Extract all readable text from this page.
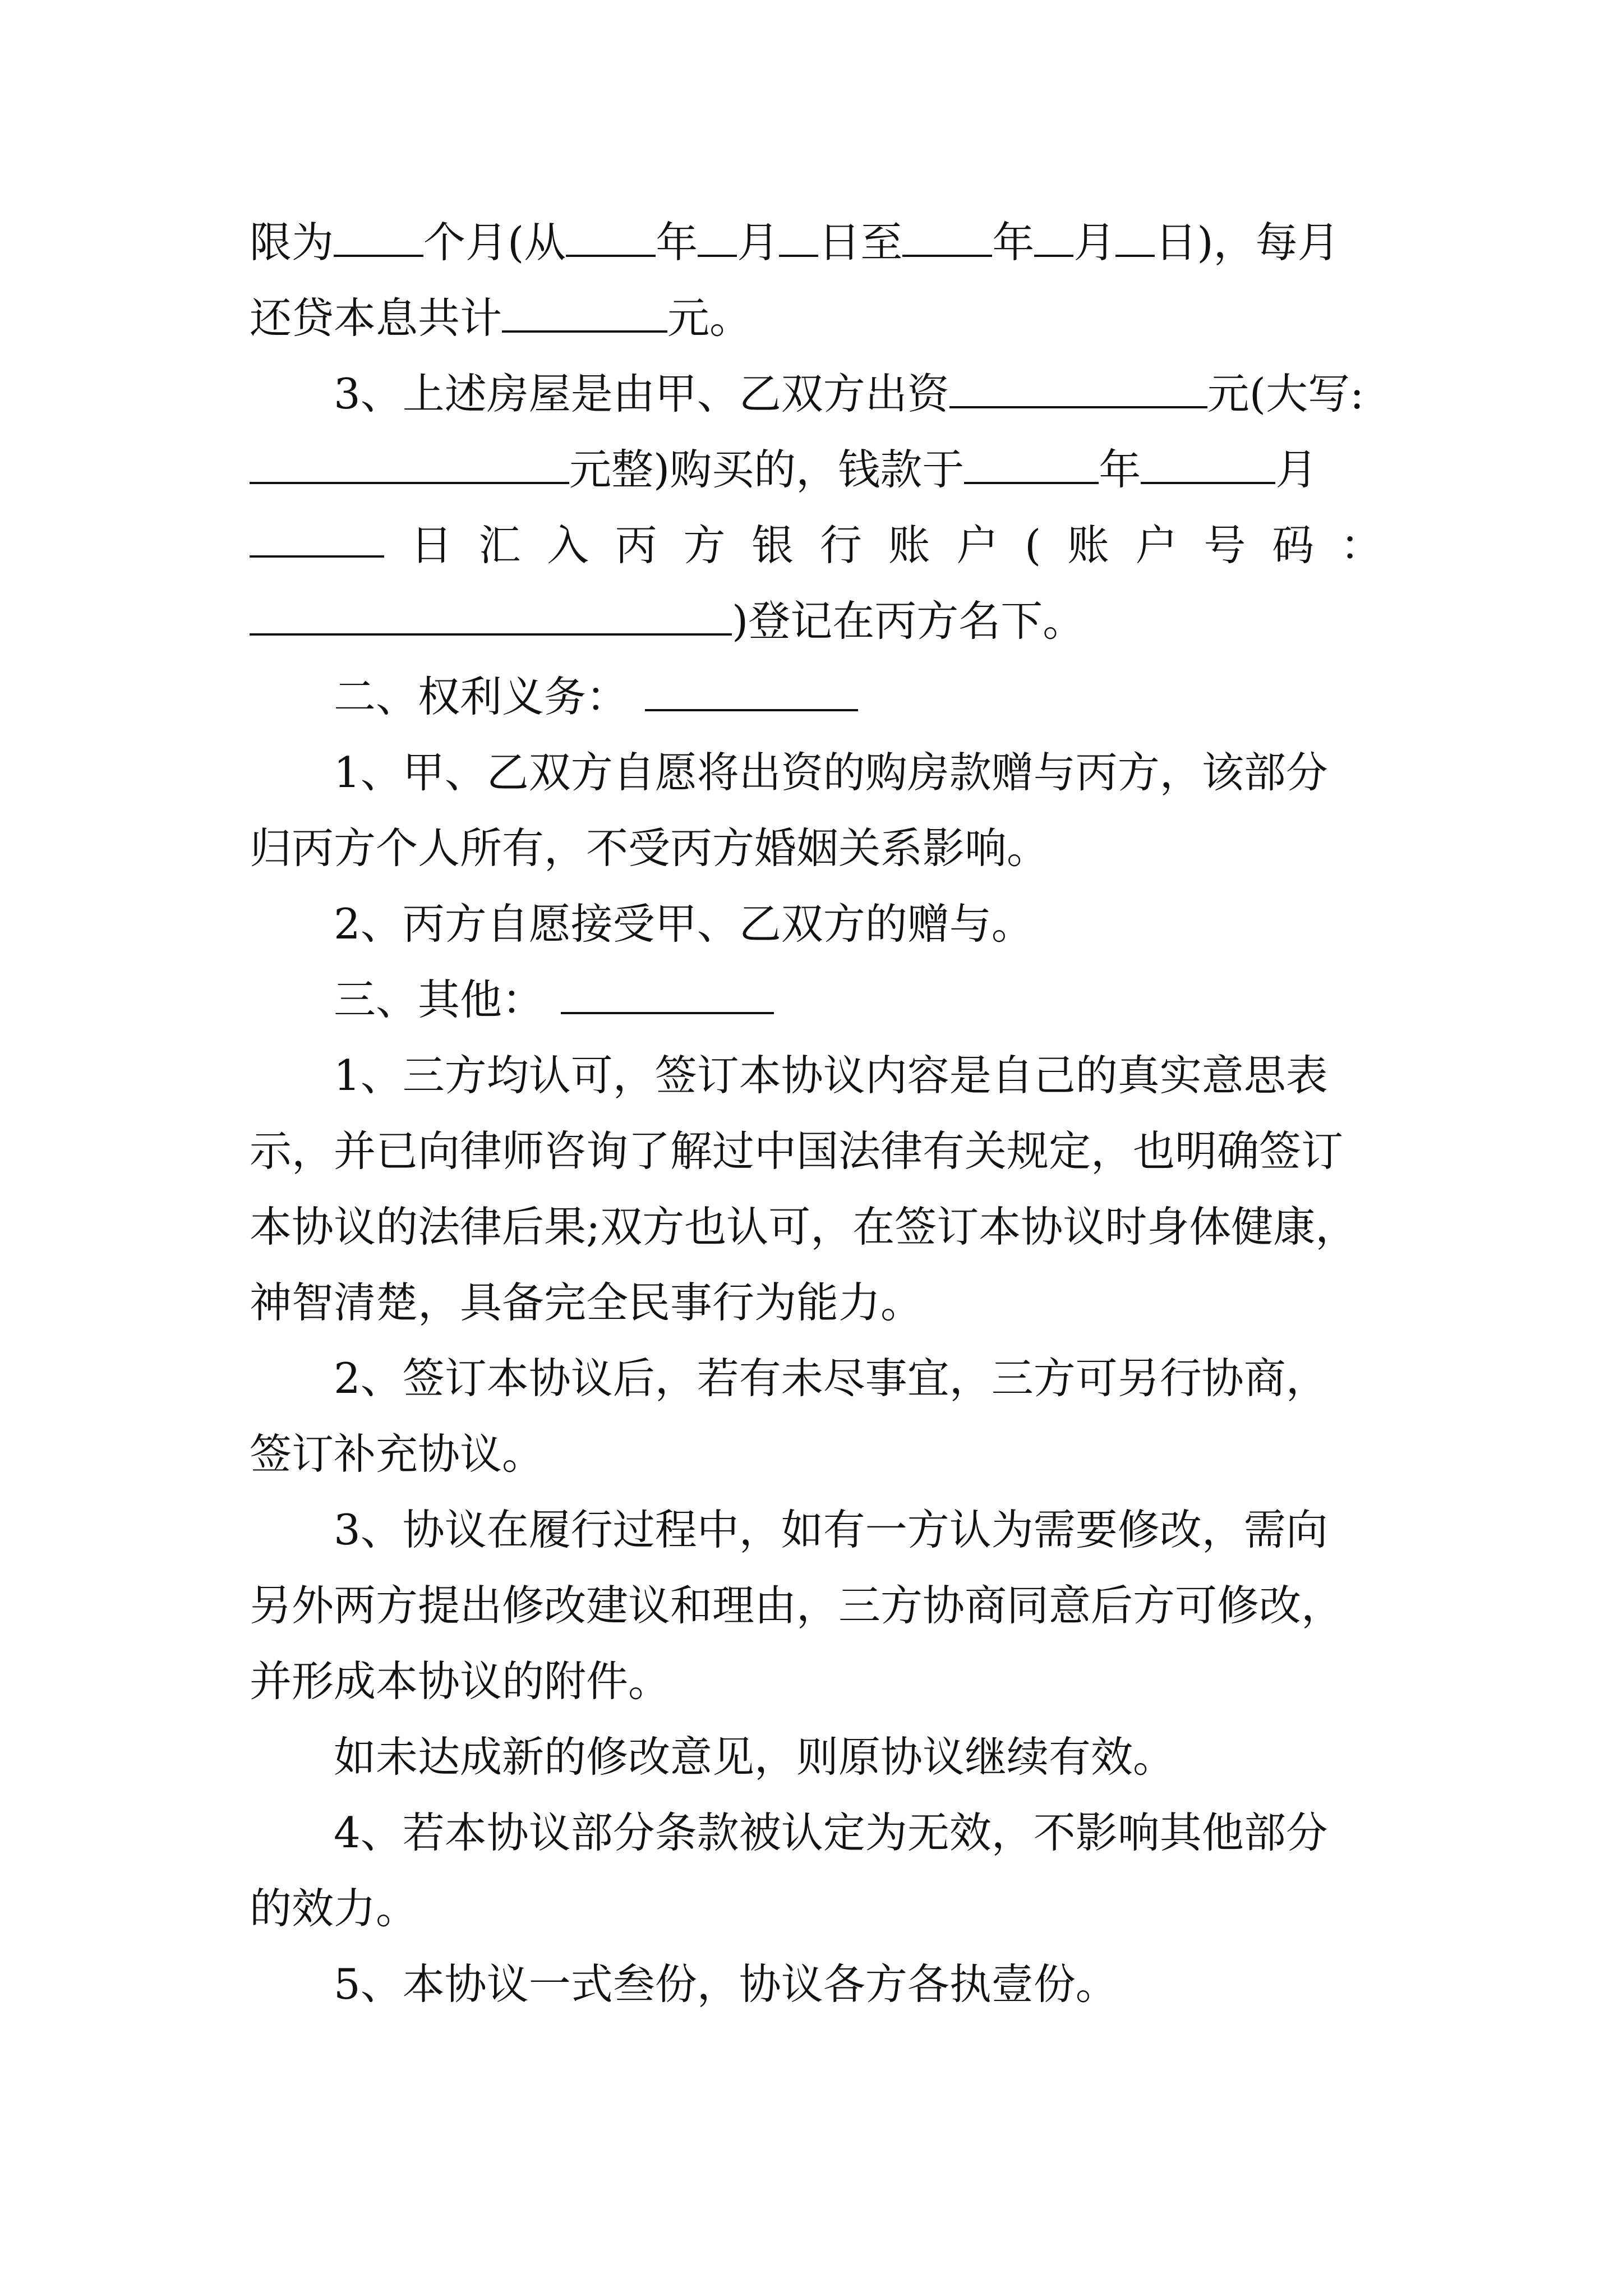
限为 个月(从 年 月 日至 年 月 日)，每月
还贷本息共计	元。
3、上述房屋是由甲、乙双方出资	元(大写:
元整)购买的，钱款于	年	月
日 汇 入 丙 方 银 行 账 户 ( 账 户 号 码 ：
)登记在丙方名下。
二、权利义务：
1、甲、乙双方自愿将出资的购房款赠与丙方，该部分
归丙方个人所有，不受丙方婚姻关系影响。
2、丙方自愿接受甲、乙双方的赠与。
三、其他：
1、三方均认可，签订本协议内容是自己的真实意思表
示，并已向律师咨询了解过中国法律有关规定，也明确签订
本协议的法律后果;双方也认可，在签订本协议时身体健康，
神智清楚，具备完全民事行为能力。
2、签订本协议后，若有未尽事宜，三方可另行协商，
签订补充协议。
3、协议在履行过程中，如有一方认为需要修改，需向
另外两方提出修改建议和理由，三方协商同意后方可修改，
并形成本协议的附件。
如未达成新的修改意见，则原协议继续有效。
4、若本协议部分条款被认定为无效，不影响其他部分
的效力。
5、本协议一式叁份，协议各方各执壹份。
